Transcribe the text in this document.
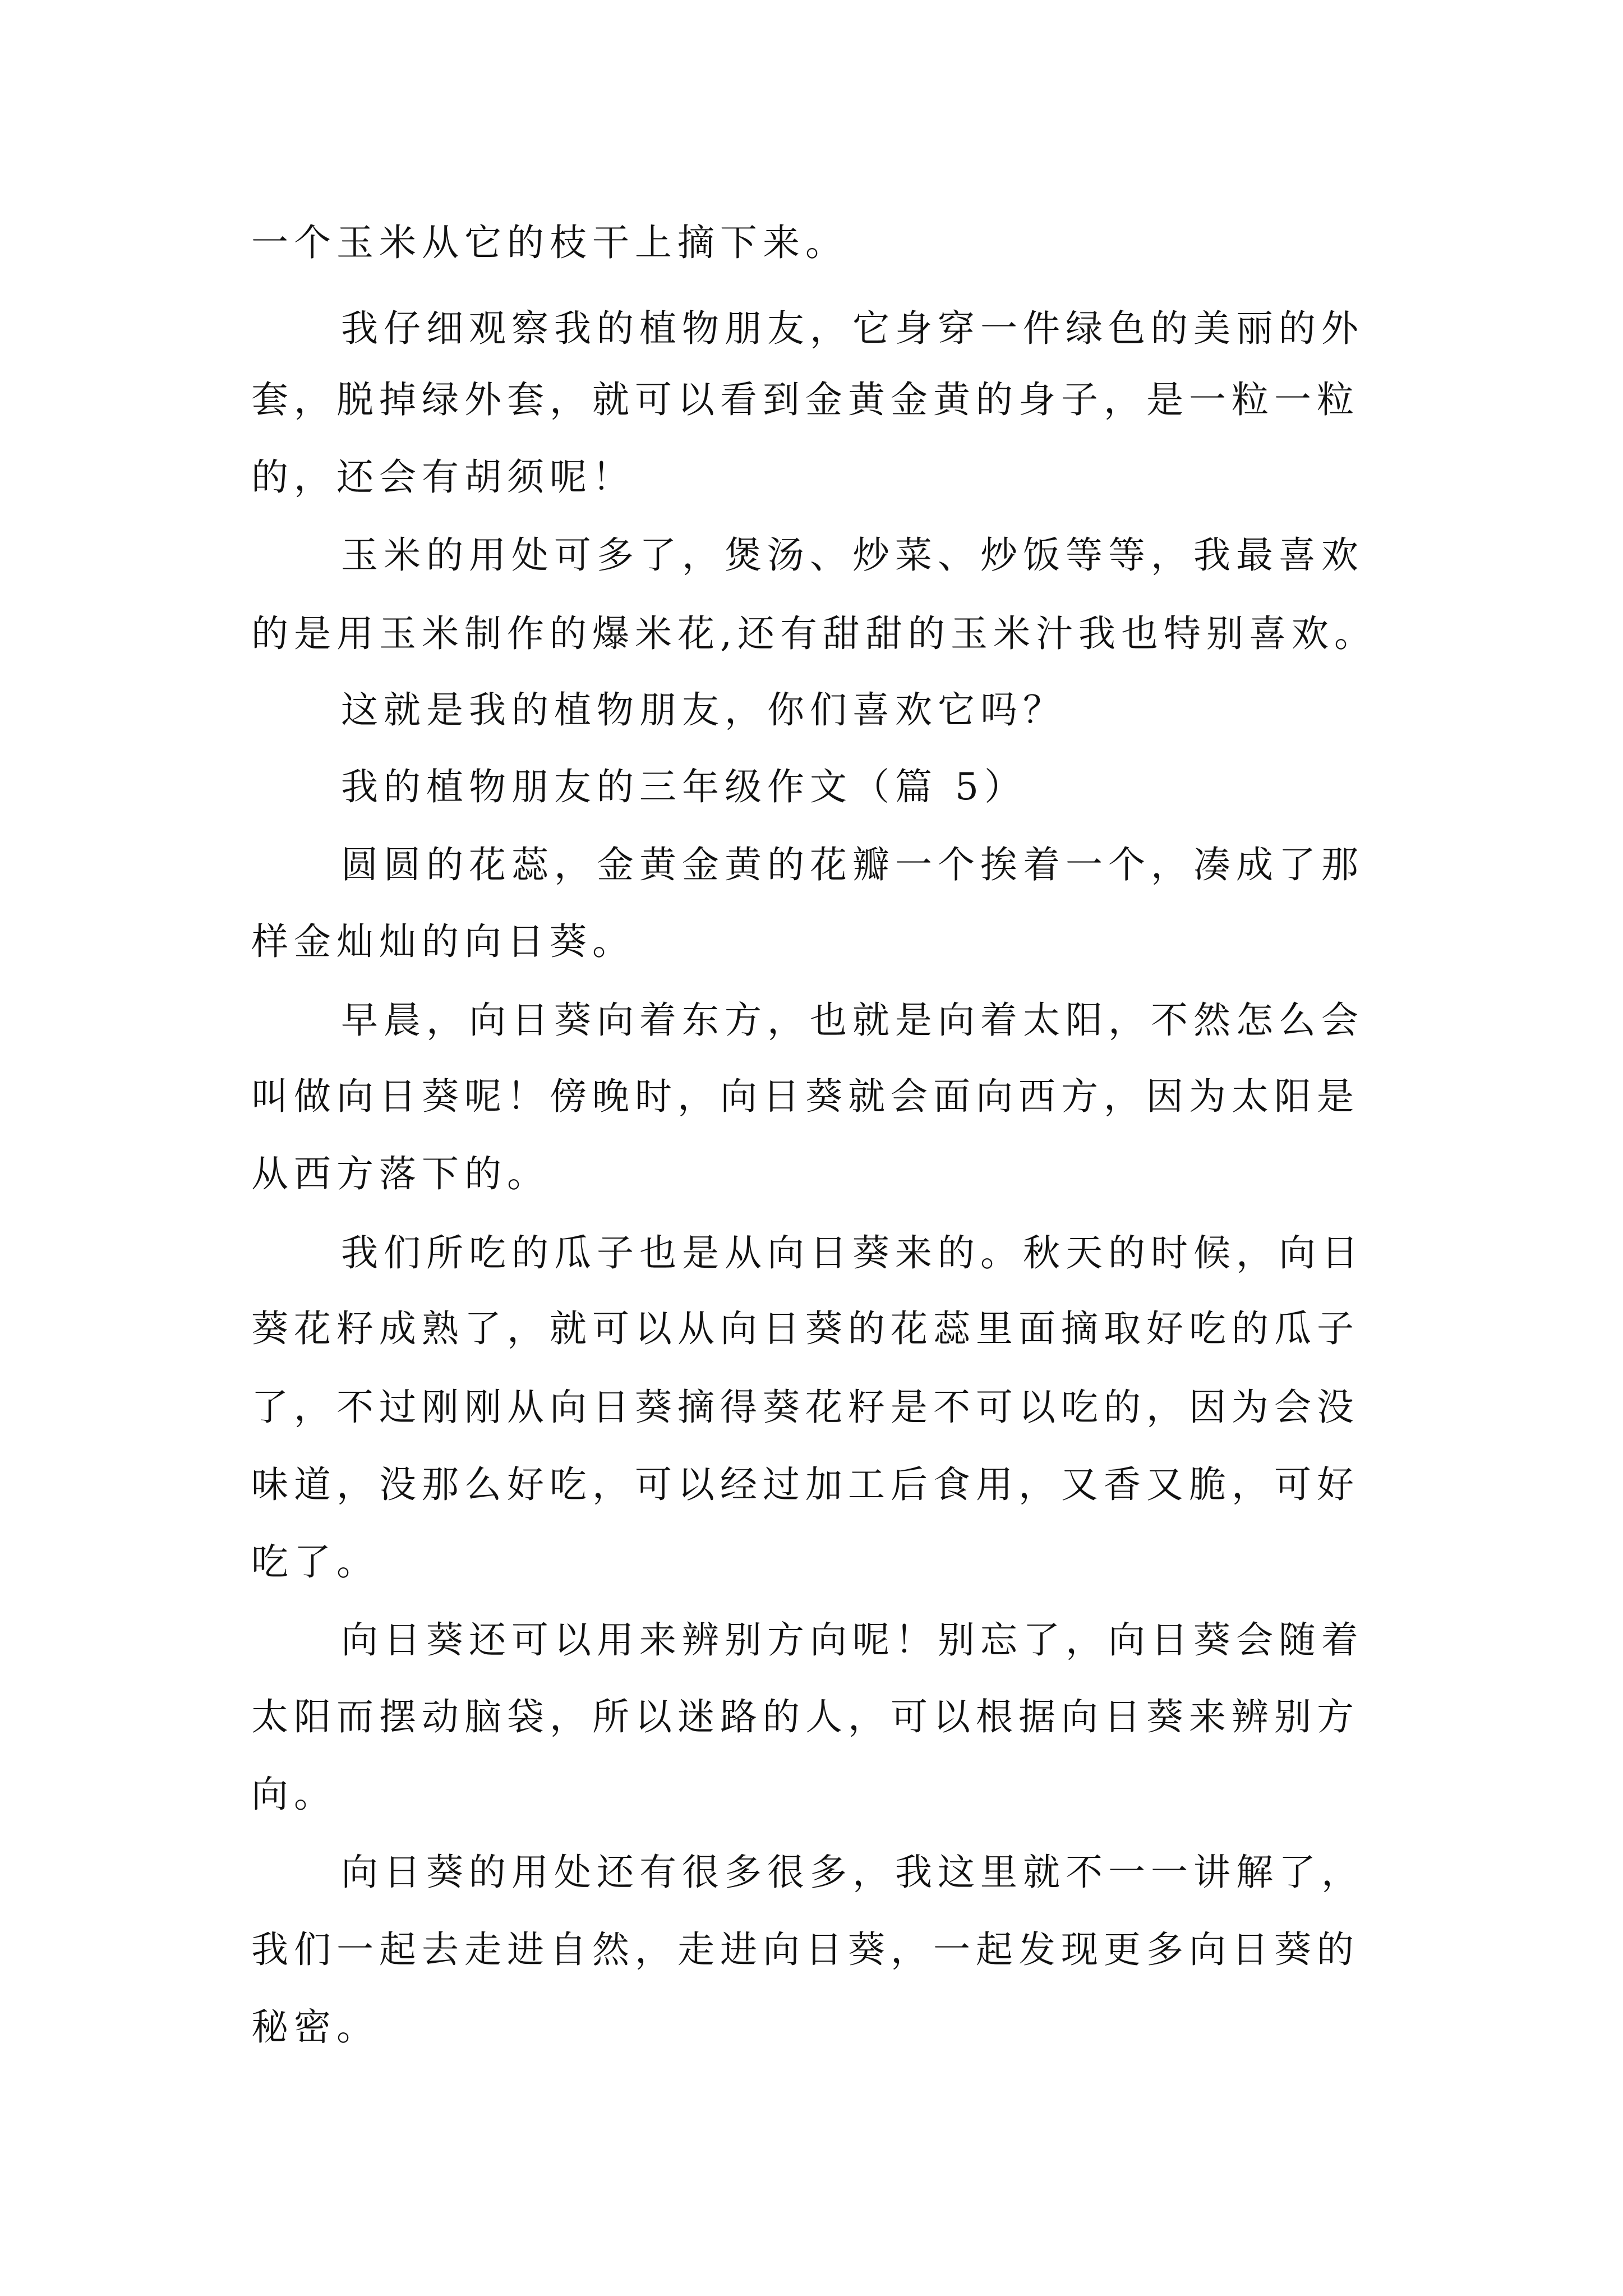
一个玉米从它的枝干上摘下来。
我仔细观察我的植物朋友，它身穿一件绿色的美丽的外
套，脱掉绿外套，就可以看到金黄金黄的身子，是一粒一粒
的，还会有胡须呢！
玉米的用处可多了，煲汤、炒菜、炒饭等等，我最喜欢
的是用玉米制作的爆米花,还有甜甜的玉米汁我也特别喜欢。
这就是我的植物朋友，你们喜欢它吗？
我的植物朋友的三年级作文（篇 5）
圆圆的花蕊，金黄金黄的花瓣一个挨着一个，凑成了那
样金灿灿的向日葵。
早晨，向日葵向着东方，也就是向着太阳，不然怎么会
叫做向日葵呢！傍晚时，向日葵就会面向西方，因为太阳是
从西方落下的。
我们所吃的瓜子也是从向日葵来的。秋天的时候，向日
葵花籽成熟了，就可以从向日葵的花蕊里面摘取好吃的瓜子
了，不过刚刚从向日葵摘得葵花籽是不可以吃的，因为会没
味道，没那么好吃，可以经过加工后食用，又香又脆，可好
吃了。
向日葵还可以用来辨别方向呢！别忘了，向日葵会随着
太阳而摆动脑袋，所以迷路的人，可以根据向日葵来辨别方
向。
向日葵的用处还有很多很多，我这里就不一一讲解了，
我们一起去走进自然，走进向日葵，一起发现更多向日葵的
秘密。
